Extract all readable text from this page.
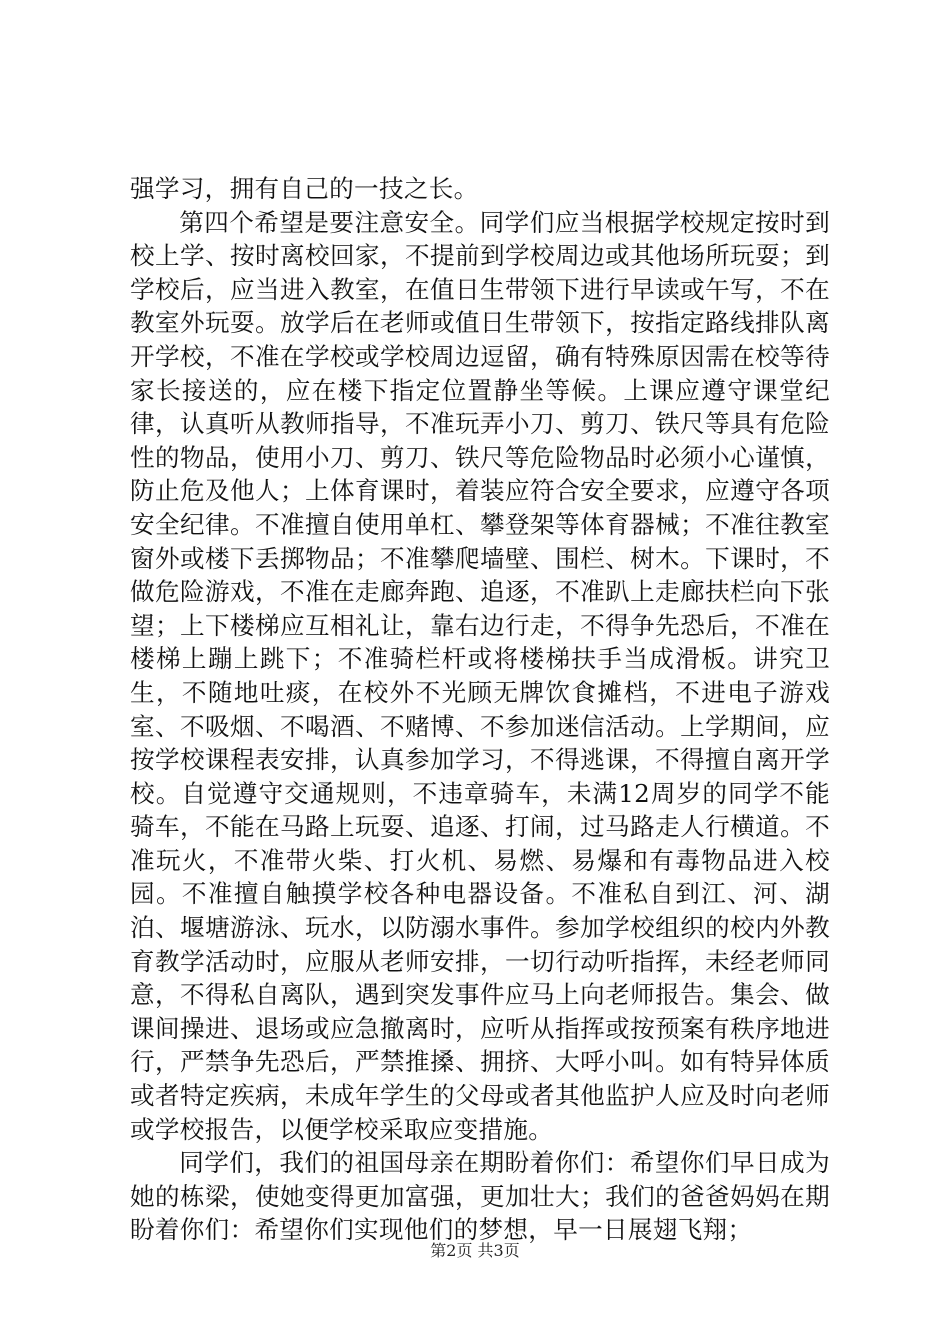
强学习，拥有自己的一技之长。

第四个希望是要注意安全。同学们应当根据学校规定按时到校上学、按时离校回家，不提前到学校周边或其他场所玩耍；到学校后，应当进入教室，在值日生带领下进行早读或午写，不在教室外玩耍。放学后在老师或值日生带领下，按指定路线排队离开学校，不准在学校或学校周边逗留，确有特殊原因需在校等待家长接送的，应在楼下指定位置静坐等候。上课应遵守课堂纪律，认真听从教师指导，不准玩弄小刀、剪刀、铁尺等具有危险性的物品，使用小刀、剪刀、铁尺等危险物品时必须小心谨慎，防止危及他人；上体育课时，着装应符合安全要求，应遵守各项安全纪律。不准擅自使用单杠、攀登架等体育器械；不准往教室窗外或楼下丢掷物品；不准攀爬墙壁、围栏、树木。下课时，不做危险游戏，不准在走廊奔跑、追逐，不准趴上走廊扶栏向下张望；上下楼梯应互相礼让，靠右边行走，不得争先恐后，不准在楼梯上蹦上跳下；不准骑栏杆或将楼梯扶手当成滑板。讲究卫生，不随地吐痰，在校外不光顾无牌饮食摊档，不进电子游戏室、不吸烟、不喝酒、不赌博、不参加迷信活动。上学期间，应按学校课程表安排，认真参加学习，不得逃课，不得擅自离开学校。自觉遵守交通规则，不违章骑车，未满12周岁的同学不能骑车，不能在马路上玩耍、追逐、打闹，过马路走人行横道。不准玩火，不准带火柴、打火机、易燃、易爆和有毒物品进入校园。不准擅自触摸学校各种电器设备。不准私自到江、河、湖泊、堰塘游泳、玩水，以防溺水事件。参加学校组织的校内外教育教学活动时，应服从老师安排，一切行动听指挥，未经老师同意，不得私自离队，遇到突发事件应马上向老师报告。集会、做课间操进、退场或应急撤离时，应听从指挥或按预案有秩序地进行，严禁争先恐后，严禁推搡、拥挤、大呼小叫。如有特异体质或者特定疾病，未成年学生的父母或者其他监护人应及时向老师或学校报告，以便学校采取应变措施。

同学们，我们的祖国母亲在期盼着你们：希望你们早日成为她的栋梁，使她变得更加富强，更加壮大；我们的爸爸妈妈在期盼着你们：希望你们实现他们的梦想，早一日展翅飞翔；

第2页 共3页
